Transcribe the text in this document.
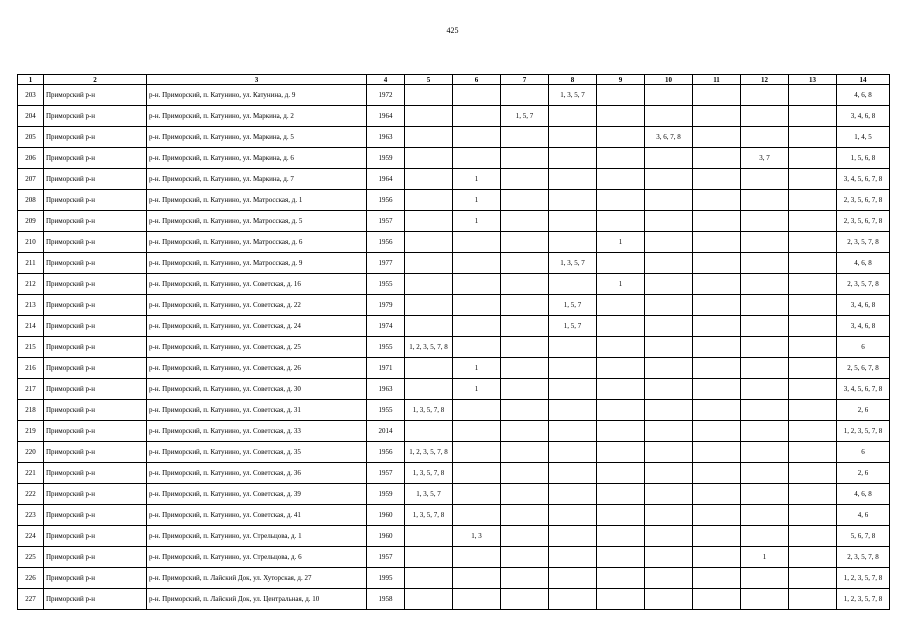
425
1	2	3	4	5	6	7	8	9	10	11	12	13	14
203	Приморский р-н	р-н. Приморский, п. Катунино, ул. Катунина, д. 9	1972				1, 3, 5, 7						4, 6, 8
204	Приморский р-н	р-н. Приморский, п. Катунино, ул. Маркина, д. 2	1964			1, 5, 7							3, 4, 6, 8
205	Приморский р-н	р-н. Приморский, п. Катунино, ул. Маркина, д. 5	1963						3, 6, 7, 8				1, 4, 5
206	Приморский р-н	р-н. Приморский, п. Катунино, ул. Маркина, д. 6	1959								3, 7		1, 5, 6, 8
207	Приморский р-н	р-н. Приморский, п. Катунино, ул. Маркина, д. 7	1964		1								3, 4, 5, 6, 7, 8
208	Приморский р-н	р-н. Приморский, п. Катунино, ул. Матросская, д. 1	1956		1								2, 3, 5, 6, 7, 8
209	Приморский р-н	р-н. Приморский, п. Катунино, ул. Матросская, д. 5	1957		1								2, 3, 5, 6, 7, 8
210	Приморский р-н	р-н. Приморский, п. Катунино, ул. Матросская, д. 6	1956					1					2, 3, 5, 7, 8
211	Приморский р-н	р-н. Приморский, п. Катунино, ул. Матросская, д. 9	1977				1, 3, 5, 7						4, 6, 8
212	Приморский р-н	р-н. Приморский, п. Катунино, ул. Советская, д. 16	1955					1					2, 3, 5, 7, 8
213	Приморский р-н	р-н. Приморский, п. Катунино, ул. Советская, д. 22	1979				1, 5, 7						3, 4, 6, 8
214	Приморский р-н	р-н. Приморский, п. Катунино, ул. Советская, д. 24	1974				1, 5, 7						3, 4, 6, 8
215	Приморский р-н	р-н. Приморский, п. Катунино, ул. Советская, д. 25	1955	1, 2, 3, 5, 7, 8									6
216	Приморский р-н	р-н. Приморский, п. Катунино, ул. Советская, д. 26	1971		1								2, 5, 6, 7, 8
217	Приморский р-н	р-н. Приморский, п. Катунино, ул. Советская, д. 30	1963		1								3, 4, 5, 6, 7, 8
218	Приморский р-н	р-н. Приморский, п. Катунино, ул. Советская, д. 31	1955	1, 3, 5, 7, 8									2, 6
219	Приморский р-н	р-н. Приморский, п. Катунино, ул. Советская, д. 33	2014										1, 2, 3, 5, 7, 8
220	Приморский р-н	р-н. Приморский, п. Катунино, ул. Советская, д. 35	1956	1, 2, 3, 5, 7, 8									6
221	Приморский р-н	р-н. Приморский, п. Катунино, ул. Советская, д. 36	1957	1, 3, 5, 7, 8									2, 6
222	Приморский р-н	р-н. Приморский, п. Катунино, ул. Советская, д. 39	1959	1, 3, 5, 7									4, 6, 8
223	Приморский р-н	р-н. Приморский, п. Катунино, ул. Советская, д. 41	1960	1, 3, 5, 7, 8									4, 6
224	Приморский р-н	р-н. Приморский, п. Катунино, ул. Стрельцова, д. 1	1960		1, 3								5, 6, 7, 8
225	Приморский р-н	р-н. Приморский, п. Катунино, ул. Стрельцова, д. 6	1957								1		2, 3, 5, 7, 8
226	Приморский р-н	р-н. Приморский, п. Лайский Док, ул. Хуторская, д. 27	1995										1, 2, 3, 5, 7, 8
227	Приморский р-н	р-н. Приморский, п. Лайский Док, ул. Центральная, д. 10	1958										1, 2, 3, 5, 7, 8
